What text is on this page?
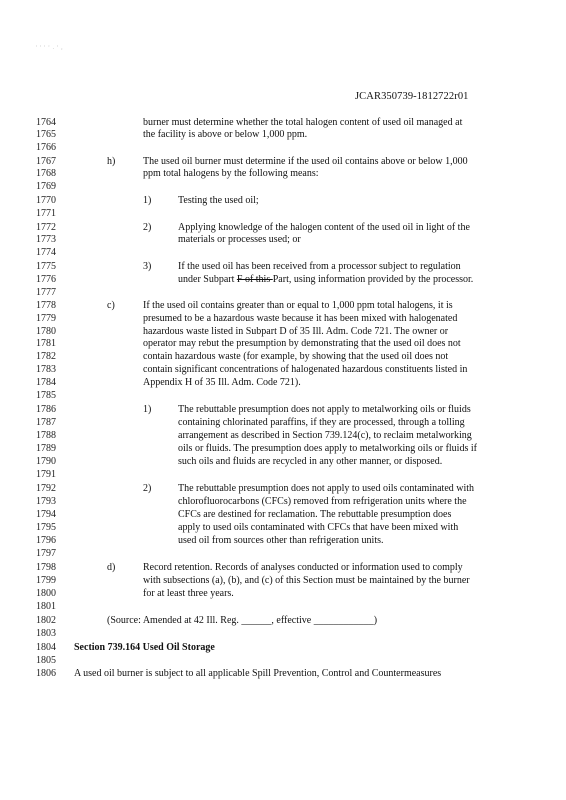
' ' ' ' . ' ,
JCAR350739-1812722r01
1764	burner must determine whether the total halogen content of used oil managed at
1765	the facility is above or below 1,000 ppm.
1766
1767	h)	The used oil burner must determine if the used oil contains above or below 1,000
1768	ppm total halogens by the following means:
1769
1770	1)	Testing the used oil;
1771
1772	2)	Applying knowledge of the halogen content of the used oil in light of the
1773	materials or processes used; or
1774
1775	3)	If the used oil has been received from a processor subject to regulation
1776	under Subpart F of this Part, using information provided by the processor.
1777
1778	c)	If the used oil contains greater than or equal to 1,000 ppm total halogens, it is
1779	presumed to be a hazardous waste because it has been mixed with halogenated
1780	hazardous waste listed in Subpart D of 35 Ill. Adm. Code 721. The owner or
1781	operator may rebut the presumption by demonstrating that the used oil does not
1782	contain hazardous waste (for example, by showing that the used oil does not
1783	contain significant concentrations of halogenated hazardous constituents listed in
1784	Appendix H of 35 Ill. Adm. Code 721).
1785
1786	1)	The rebuttable presumption does not apply to metalworking oils or fluids
1787	containing chlorinated paraffins, if they are processed, through a tolling
1788	arrangement as described in Section 739.124(c), to reclaim metalworking
1789	oils or fluids. The presumption does apply to metalworking oils or fluids if
1790	such oils and fluids are recycled in any other manner, or disposed.
1791
1792	2)	The rebuttable presumption does not apply to used oils contaminated with
1793	chlorofluorocarbons (CFCs) removed from refrigeration units where the
1794	CFCs are destined for reclamation. The rebuttable presumption does
1795	apply to used oils contaminated with CFCs that have been mixed with
1796	used oil from sources other than refrigeration units.
1797
1798	d)	Record retention. Records of analyses conducted or information used to comply
1799	with subsections (a), (b), and (c) of this Section must be maintained by the burner
1800	for at least three years.
1801
1802	(Source: Amended at 42 Ill. Reg. ______, effective ____________)
1803
1804 Section 739.164 Used Oil Storage
1805
1806 A used oil burner is subject to all applicable Spill Prevention, Control and Countermeasures
